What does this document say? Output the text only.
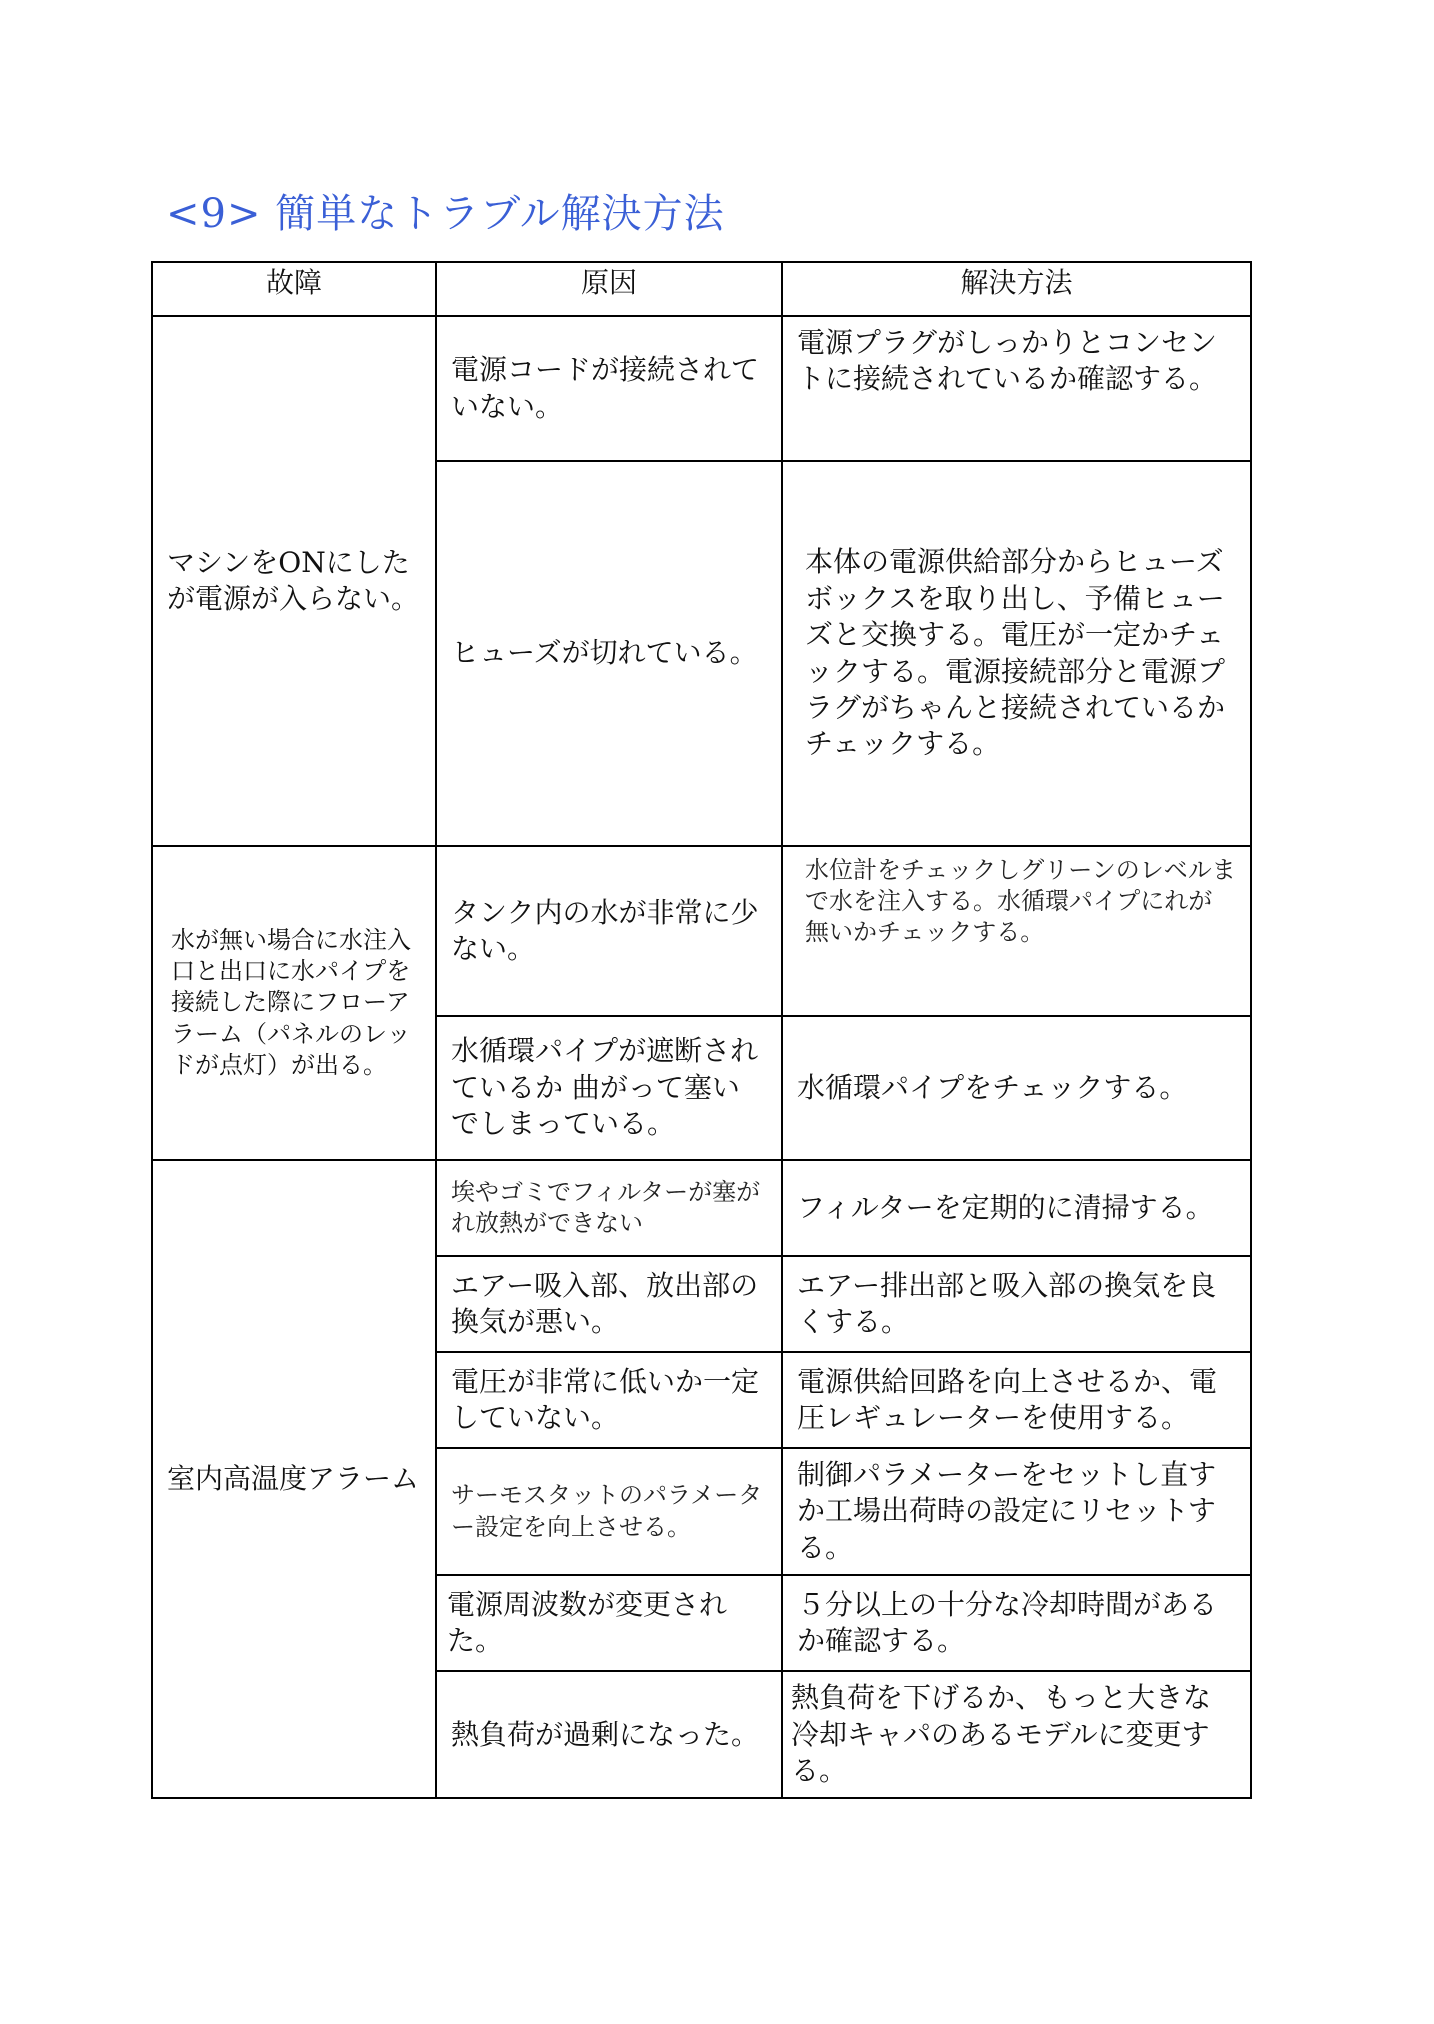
<9> 簡単なトラブル解決方法
故障	原因	解決方法
マシンをONにしたが電源が入らない。	電源コードが接続されていない。	電源プラグがしっかりとコンセントに接続されているか確認する。
	ヒューズが切れている。	本体の電源供給部分からヒューズボックスを取り出し、予備ヒューズと交換する。電圧が一定かチェックする。電源接続部分と電源プラグがちゃんと接続されているかチェックする。
水が無い場合に水注入口と出口に水パイプを接続した際にフローアラーム（パネルのレッドが点灯）が出る。	タンク内の水が非常に少ない。	水位計をチェックしグリーンのレベルまで水を注入する。水循環パイプにれが無いかチェックする。
	水循環パイプが遮断されているか 曲がって塞いでしまっている。	水循環パイプをチェックする。
室内高温度アラーム	埃やゴミでフィルターが塞がれ放熱ができない	フィルターを定期的に清掃する。
	エアー吸入部、放出部の換気が悪い。	エアー排出部と吸入部の換気を良くする。
	電圧が非常に低いか一定していない。	電源供給回路を向上させるか、電圧レギュレーターを使用する。
	サーモスタットのパラメーター設定を向上させる。	制御パラメーターをセットし直すか工場出荷時の設定にリセットする。
	電源周波数が変更された。	５分以上の十分な冷却時間があるか確認する。
	熱負荷が過剰になった。	熱負荷を下げるか、もっと大きな冷却キャパのあるモデルに変更する。
